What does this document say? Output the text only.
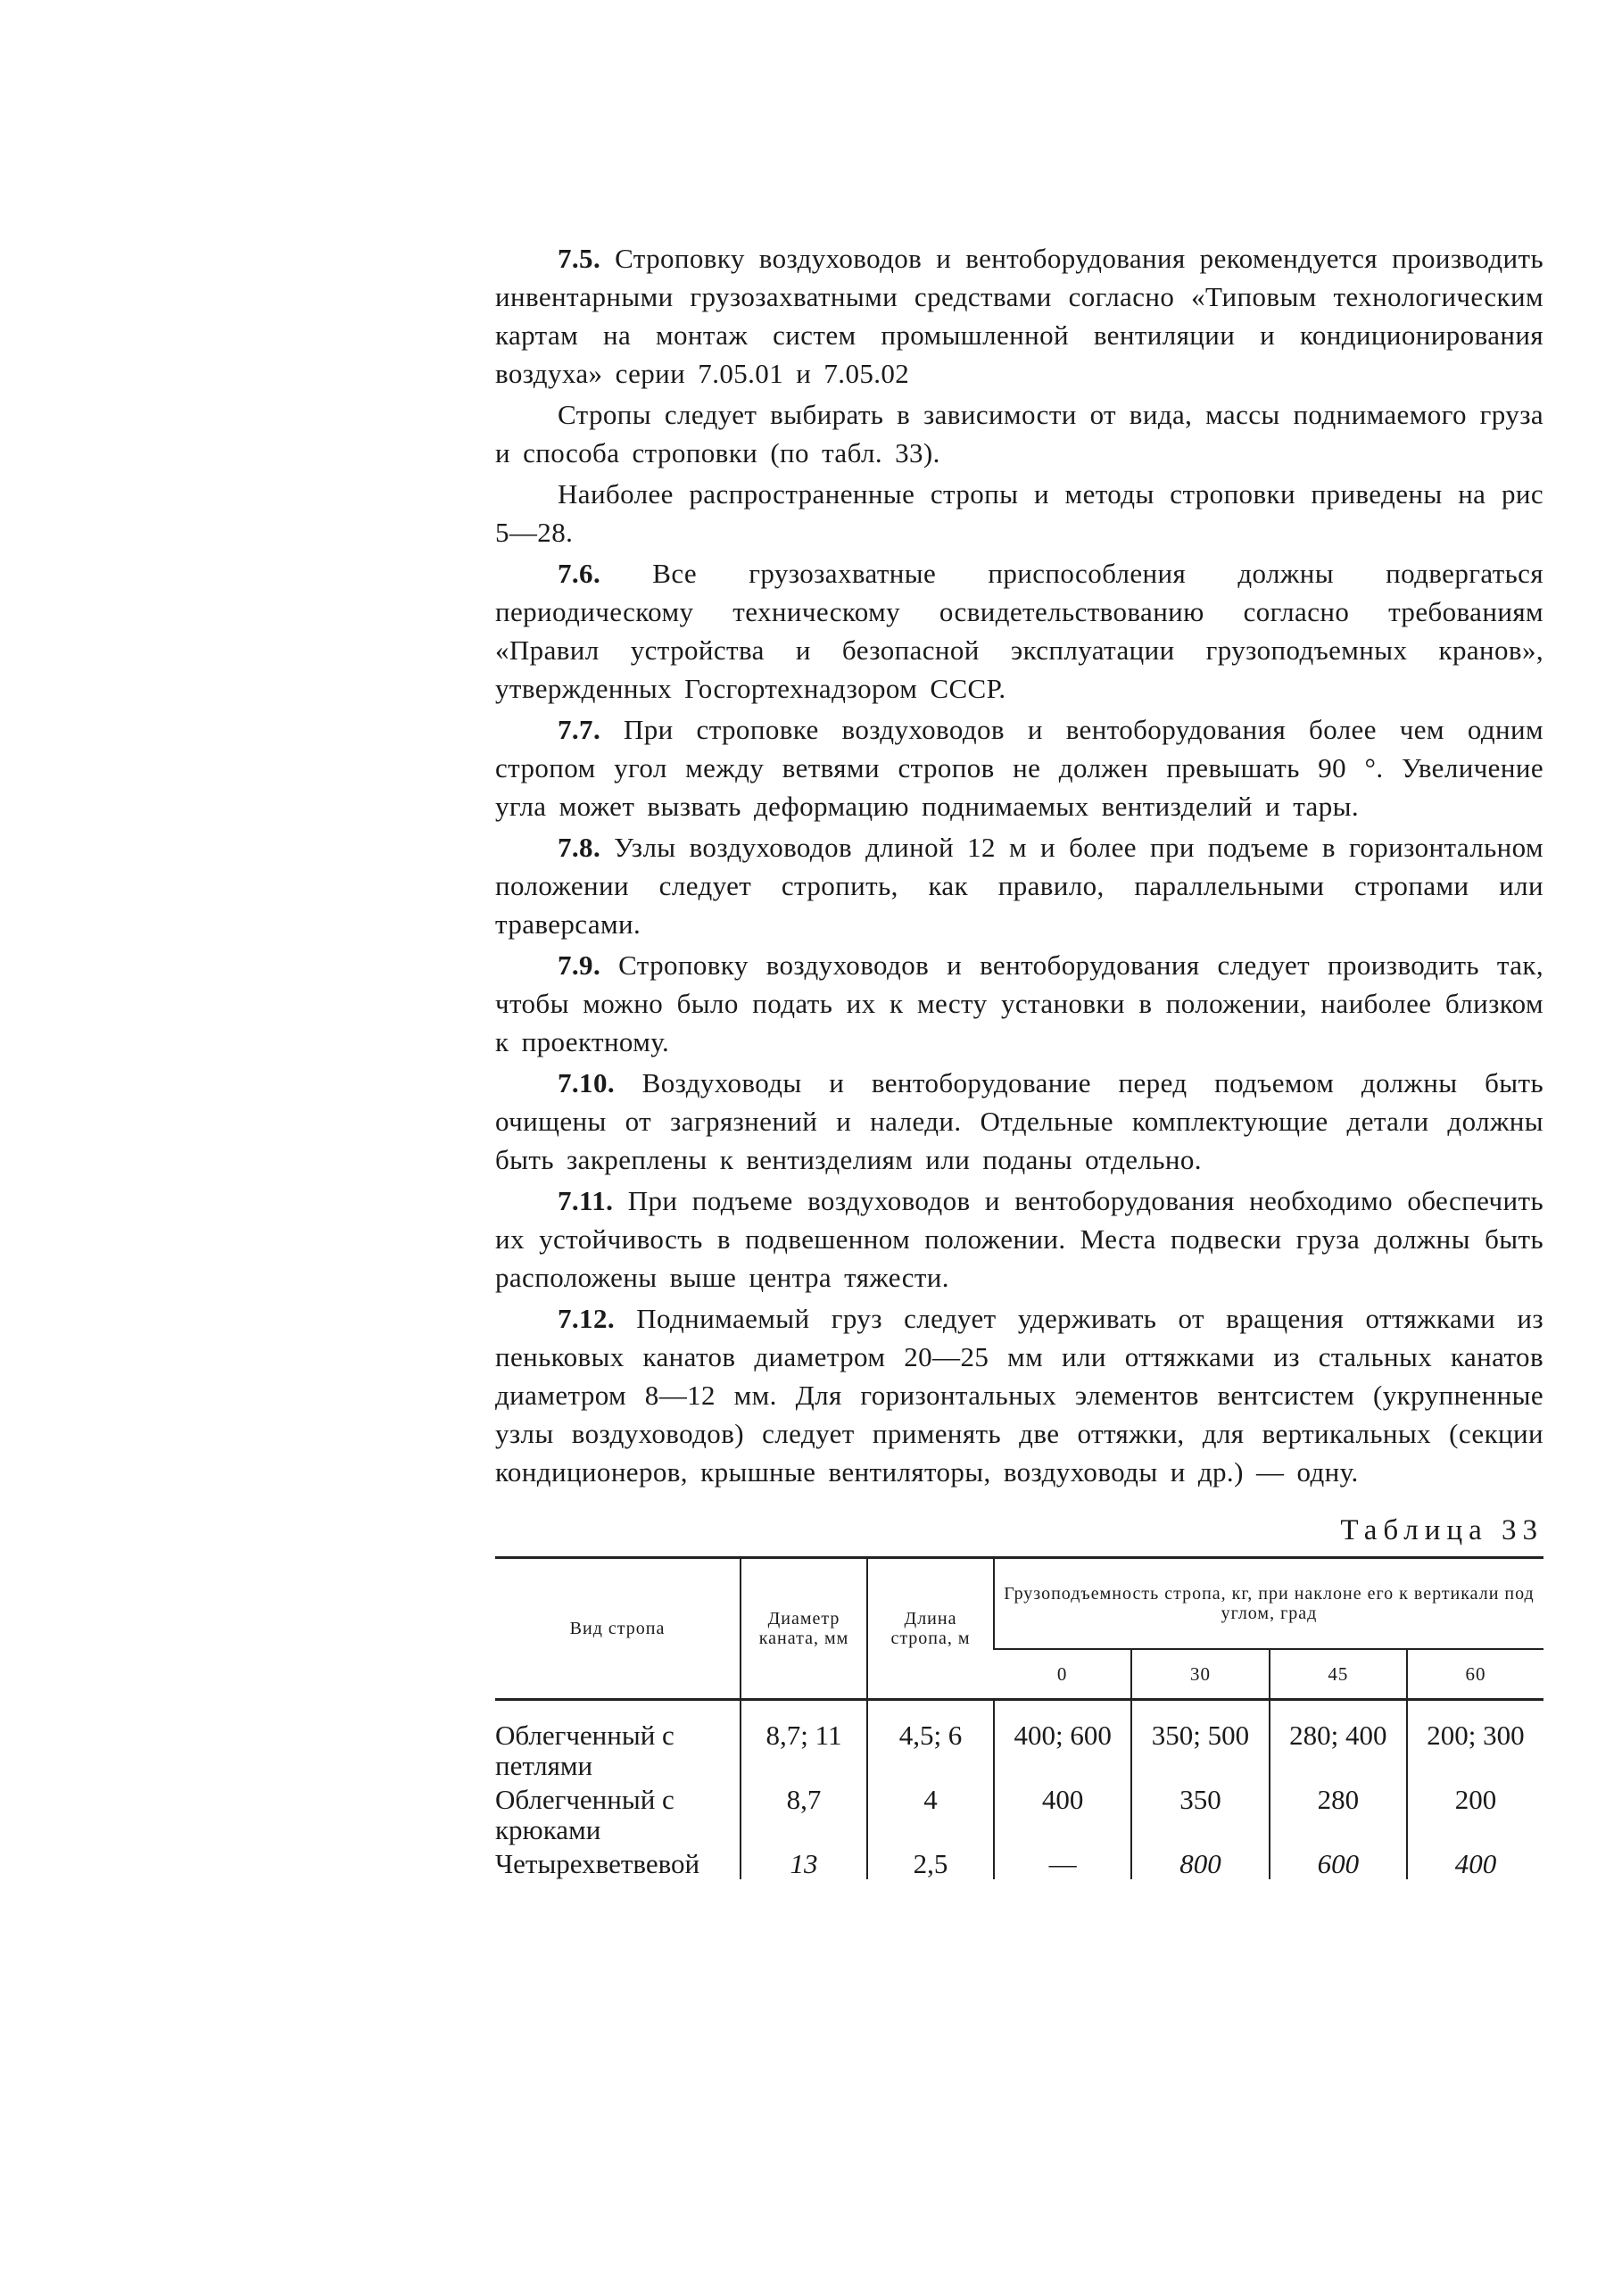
7.5. Строповку воздуховодов и вентоборудования рекомендуется производить инвентарными грузозахватными средствами согласно «Типовым технологическим картам на монтаж систем промышленной вентиляции и кондиционирования воздуха» серии 7.05.01 и 7.05.02

Стропы следует выбирать в зависимости от вида, массы поднимаемого груза и способа строповки (по табл. 33).

Наиболее распространенные стропы и методы строповки приведены на рис 5—28.

7.6. Все грузозахватные приспособления должны подвергаться периодическому техническому освидетельствованию согласно требованиям «Правил устройства и безопасной эксплуатации грузоподъемных кранов», утвержденных Госгортехнадзором СССР.

7.7. При строповке воздуховодов и вентоборудования более чем одним стропом угол между ветвями стропов не должен превышать 90 °. Увеличение угла может вызвать деформацию поднимаемых вентизделий и тары.

7.8. Узлы воздуховодов длиной 12 м и более при подъеме в горизонтальном положении следует стропить, как правило, параллельными стропами или траверсами.

7.9. Строповку воздуховодов и вентоборудования следует производить так, чтобы можно было подать их к месту установки в положении, наиболее близком к проектному.

7.10. Воздуховоды и вентоборудование перед подъемом должны быть очищены от загрязнений и наледи. Отдельные комплектующие детали должны быть закреплены к вентизделиям или поданы отдельно.

7.11. При подъеме воздуховодов и вентоборудования необходимо обеспечить их устойчивость в подвешенном положении. Места подвески груза должны быть расположены выше центра тяжести.

7.12. Поднимаемый груз следует удерживать от вращения оттяжками из пеньковых канатов диаметром 20—25 мм или оттяжками из стальных канатов диаметром 8—12 мм. Для горизонтальных элементов вентсистем (укрупненные узлы воздуховодов) следует применять две оттяжки, для вертикальных (секции кондиционеров, крышные вентиляторы, воздуховоды и др.) — одну.

Таблица 33
Вид стропа	Диаметр каната, мм	Длина стропа, м	Грузоподъемность стропа, кг, при наклоне его к вертикали под углом, град			
			0	30	45	60
Облегченный с петлями	8,7; 11	4,5; 6	400; 600	350; 500	280; 400	200; 300
Облегченный с крюками	8,7	4	400	350	280	200
Четырехветвевой	13	2,5	—	800	600	400
